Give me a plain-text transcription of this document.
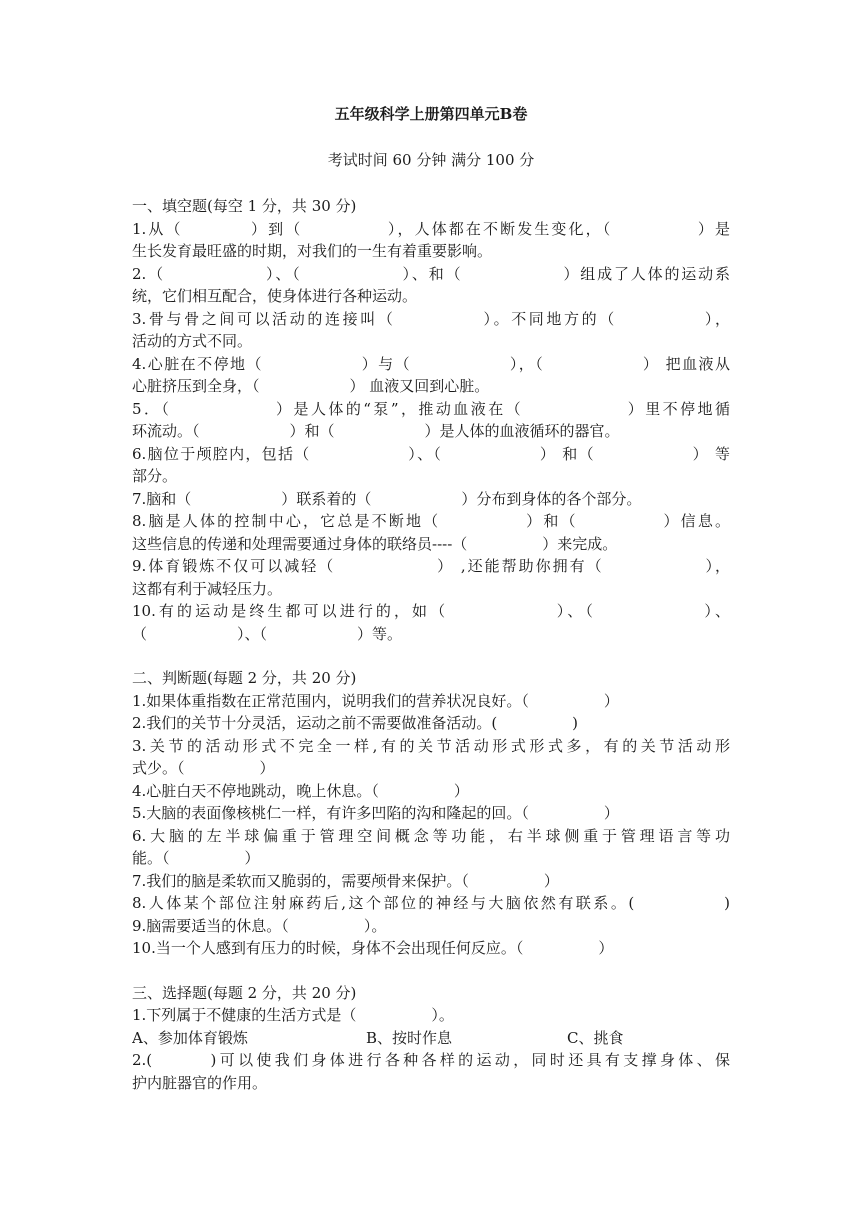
五年级科学上册第四单元B卷
考试时间 60 分钟 满分 100 分
一、填空题(每空 1 分，共 30 分)
1.从（　　　　）到（　　　　　），人体都在不断发生变化，（　　　　　）是
生长发育最旺盛的时期，对我们的一生有着重要影响。
2.（　　　　　　）、（　　　　　　）、和（　　　　　　）组成了人体的运动系
统，它们相互配合，使身体进行各种运动。
3.骨与骨之间可以活动的连接叫（　　　　　）。不同地方的（　　　　　），
活动的方式不同。
4.心脏在不停地（　　　　　　）与（　　　　　　），（　　　　　　） 把血液从
心脏挤压到全身，（　　　　　　） 血液又回到心脏。
5．（　　　　　　）是人体的“泵”，推动血液在（　　　　　　）里不停地循
环流动。（　　　　　　）和（　　　　　　）是人体的血液循环的器官。
6.脑位于颅腔内，包括（　　　　　　）、（　　　　　　） 和（　　　　　　） 等
部分。
7.脑和（　　　　　　）联系着的（　　　　　　）分布到身体的各个部分。
8.脑是人体的控制中心，它总是不断地（　　　　　）和（　　　　　）信息。
这些信息的传递和处理需要通过身体的联络员----（　　　　　）来完成。
9.体育锻炼不仅可以减轻（　　　　　　） ,还能帮助你拥有（　　　　　　），
这都有利于减轻压力。
10.有的运动是终生都可以进行的，如（　　　　　　）、（　　　　　　）、
（　　　　　　）、（　　　　　　）等。
二、判断题(每题 2 分，共 20 分)
1.如果体重指数在正常范围内，说明我们的营养状况良好。（　　　　　）
2.我们的关节十分灵活，运动之前不需要做准备活动。(　　　　　)
3.关节的活动形式不完全一样,有的关节活动形式形式多，有的关节活动形
式少。（　　　　　）
4.心脏白天不停地跳动，晚上休息。（　　　　　）
5.大脑的表面像核桃仁一样，有许多凹陷的沟和隆起的回。（　　　　　）
6.大脑的左半球偏重于管理空间概念等功能，右半球侧重于管理语言等功
能。（　　　　　）
7.我们的脑是柔软而又脆弱的，需要颅骨来保护。（　　　　　）
8.人体某个部位注射麻药后,这个部位的神经与大脑依然有联系。(　　　　　)
9.脑需要适当的休息。（　　　　　）。
10.当一个人感到有压力的时候，身体不会出现任何反应。（　　　　　）
三、选择题(每题 2 分，共 20 分)
1.下列属于不健康的生活方式是（　　　　　）。
A、参加体育锻炼	B、按时作息	C、挑食
2.(　　　)可以使我们身体进行各种各样的运动，同时还具有支撑身体、保
护内脏器官的作用。
